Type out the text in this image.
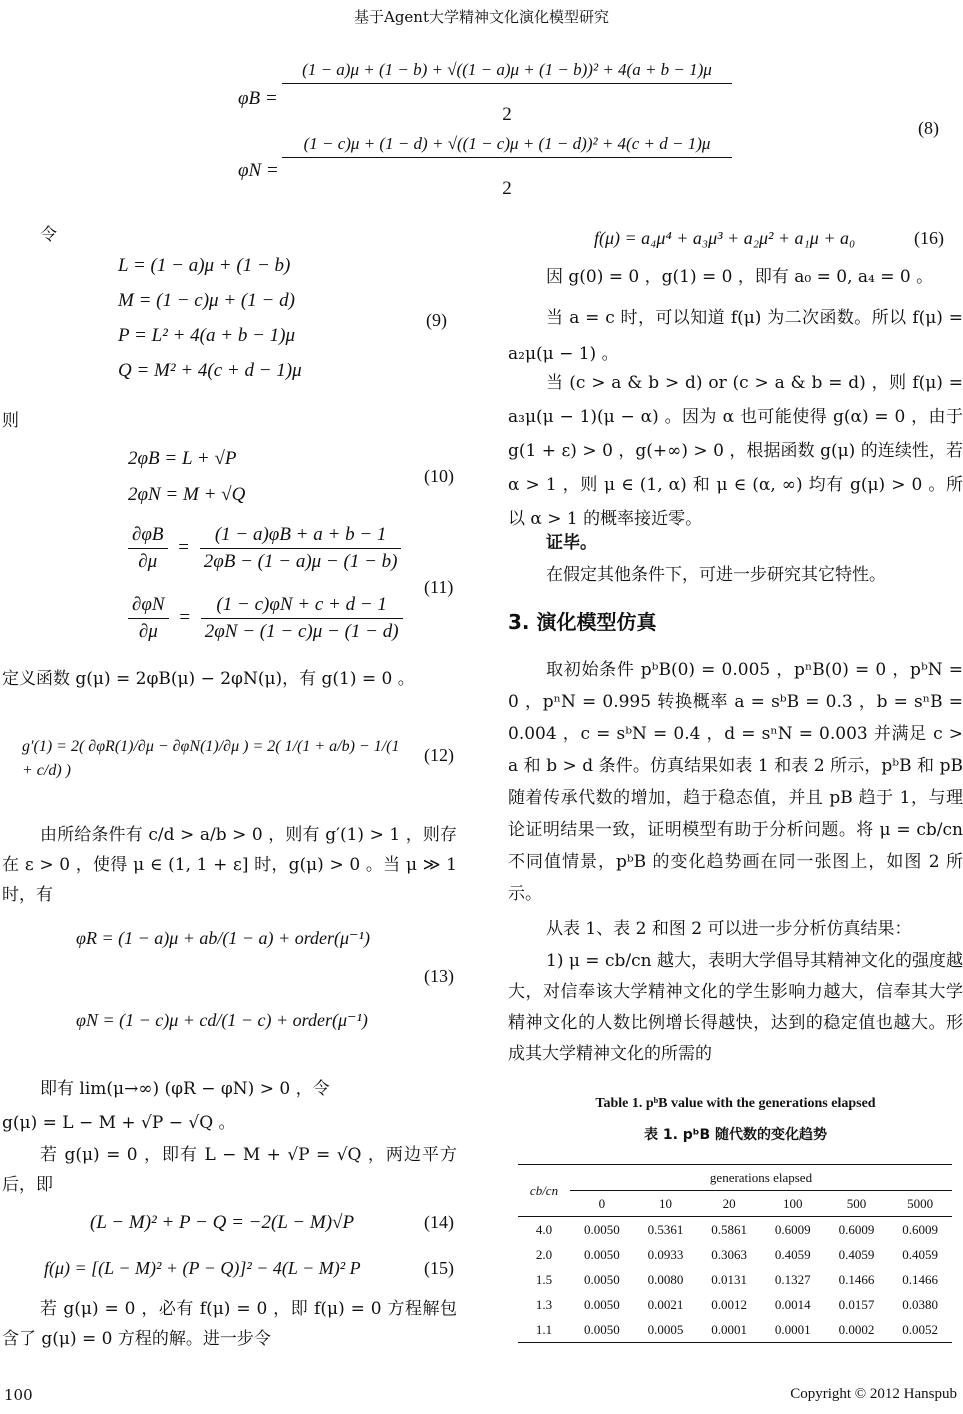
基于Agent大学精神文化演化模型研究
φB =
(1 − a)μ + (1 − b) + √((1 − a)μ + (1 − b))² + 4(a + b − 1)μ
2
φN =
(1 − c)μ + (1 − d) + √((1 − c)μ + (1 − d))² + 4(c + d − 1)μ
2
(8)
令
L = (1 − a)μ + (1 − b)
M = (1 − c)μ + (1 − d)
P = L² + 4(a + b − 1)μ
Q = M² + 4(c + d − 1)μ
(9)
则
2φB = L + √P
2φN = M + √Q
(10)
$\frac{\partial\varphi B}{\partial\mu} = \frac{(1 - a)\varphi B + a + b - 1}{2\varphi B - (1 - a)\mu - (1 - b)}$
$\frac{\partial\varphi N}{\partial\mu} = \frac{(1 - c)\varphi N + c + d - 1}{2\varphi N - (1 - c)\mu - (1 - d)}$
(11)
定义函数 g(μ) = 2φB(μ) − 2φN(μ)，有 g(1) = 0 。
g′(1) = 2( ∂φR(1)/∂μ − ∂φN(1)/∂μ ) = 2( 1/(1 + a/b) − 1/(1 + c/d) )
(12)
由所给条件有 c/d > a/b > 0 ，则有 g′(1) > 1 ，则存在 ε > 0 ，使得 μ ∈ (1, 1 + ε] 时，g(μ) > 0 。当 μ ≫ 1 时，有
φR = (1 − a)μ + ab/(1 − a) + order(μ⁻¹)
φN = (1 − c)μ + cd/(1 − c) + order(μ⁻¹)
(13)
即有 lim(μ→∞) (φR − φN) > 0 ，令
g(μ) = L − M + √P − √Q 。
若 g(μ) = 0 ，即有 L − M + √P = √Q ，两边平方后，即
(L − M)² + P − Q = −2(L − M)√P	(14)
f(μ) = [(L − M)² + (P − Q)]² − 4(L − M)² P	(15)
若 g(μ) = 0 ，必有 f(μ) = 0 ，即 f(μ) = 0 方程解包含了 g(μ) = 0 方程的解。进一步令
f(μ) = a₄μ⁴ + a₃μ³ + a₂μ² + a₁μ + a₀	(16)
因 g(0) = 0 ，g(1) = 0 ，即有 a₀ = 0, a₄ = 0 。
当 a = c 时，可以知道 f(μ) 为二次函数。所以 f(μ) = a₂μ(μ − 1) 。
当 (c > a & b > d) or (c > a & b = d) ，则 f(μ) = a₃μ(μ − 1)(μ − α) 。因为 α 也可能使得 g(α) = 0 ，由于 g(1 + ε) > 0 ，g(+∞) > 0 ，根据函数 g(μ) 的连续性，若 α > 1 ，则 μ ∈ (1, α) 和 μ ∈ (α, ∞) 均有 g(μ) > 0 。所以 α > 1 的概率接近零。
证毕。
在假定其他条件下，可进一步研究其它特性。
3. 演化模型仿真
取初始条件 pᵇB(0) = 0.005 ，pⁿB(0) = 0 ，pᵇN = 0 ，pⁿN = 0.995 转换概率 a = sᵇB = 0.3 ，b = sⁿB = 0.004 ，c = sᵇN = 0.4 ，d = sⁿN = 0.003 并满足 c > a 和 b > d 条件。仿真结果如表 1 和表 2 所示，pᵇB 和 pB 随着传承代数的增加，趋于稳态值，并且 pB 趋于 1，与理论证明结果一致，证明模型有助于分析问题。将 μ = cb/cn 不同值情景，pᵇB 的变化趋势画在同一张图上，如图 2 所示。
从表 1、表 2 和图 2 可以进一步分析仿真结果：
1) μ = cb/cn 越大，表明大学倡导其精神文化的强度越大，对信奉该大学精神文化的学生影响力越大，信奉其大学精神文化的人数比例增长得越快，达到的稳定值也越大。形成其大学精神文化的所需的
Table 1. pᵇB value with the generations elapsed
表 1. pᵇB 随代数的变化趋势
cb/cn	generations elapsed					
	0	10	20	100	500	5000
4.0	0.0050	0.5361	0.5861	0.6009	0.6009	0.6009
2.0	0.0050	0.0933	0.3063	0.4059	0.4059	0.4059
1.5	0.0050	0.0080	0.0131	0.1327	0.1466	0.1466
1.3	0.0050	0.0021	0.0012	0.0014	0.0157	0.0380
1.1	0.0050	0.0005	0.0001	0.0001	0.0002	0.0052
100	Copyright © 2012 Hanspub
